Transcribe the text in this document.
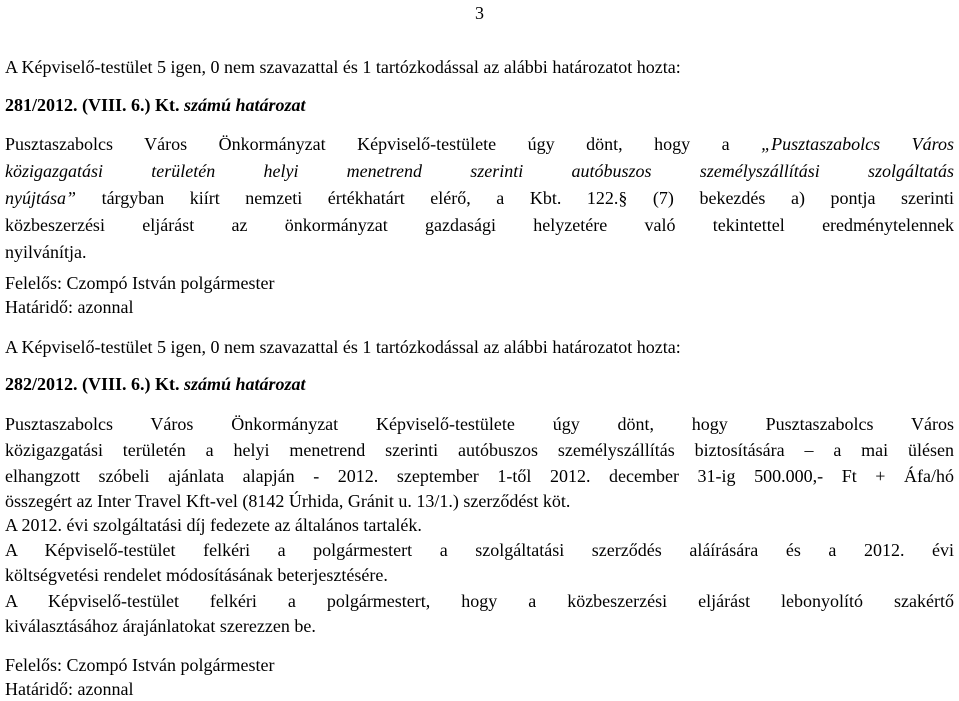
3
A Képviselő-testület 5 igen, 0 nem szavazattal és 1 tartózkodással az alábbi határozatot hozta:
281/2012. (VIII. 6.) Kt. számú határozat
Pusztaszabolcs Város Önkormányzat Képviselő-testülete úgy dönt, hogy a „Pusztaszabolcs Város
közigazgatási területén helyi menetrend szerinti autóbuszos személyszállítási szolgáltatás
nyújtása” tárgyban kiírt nemzeti értékhatárt elérő, a Kbt. 122.§ (7) bekezdés a) pontja szerinti
közbeszerzési eljárást az önkormányzat gazdasági helyzetére való tekintettel eredménytelennek
nyilvánítja.
Felelős: Czompó István polgármester
Határidő: azonnal
A Képviselő-testület 5 igen, 0 nem szavazattal és 1 tartózkodással az alábbi határozatot hozta:
282/2012. (VIII. 6.) Kt. számú határozat
Pusztaszabolcs Város Önkormányzat Képviselő-testülete úgy dönt, hogy Pusztaszabolcs Város
közigazgatási területén a helyi menetrend szerinti autóbuszos személyszállítás biztosítására – a mai ülésen
elhangzott szóbeli ajánlata alapján - 2012. szeptember 1-től 2012. december 31-ig 500.000,- Ft + Áfa/hó
összegért az Inter Travel Kft-vel (8142 Úrhida, Gránit u. 13/1.) szerződést köt.
A 2012. évi szolgáltatási díj fedezete az általános tartalék.
A Képviselő-testület felkéri a polgármestert a szolgáltatási szerződés aláírására és a 2012. évi
költségvetési rendelet módosításának beterjesztésére.
A Képviselő-testület felkéri a polgármestert, hogy a közbeszerzési eljárást lebonyolító szakértő
kiválasztásához árajánlatokat szerezzen be.
Felelős: Czompó István polgármester
Határidő: azonnal
